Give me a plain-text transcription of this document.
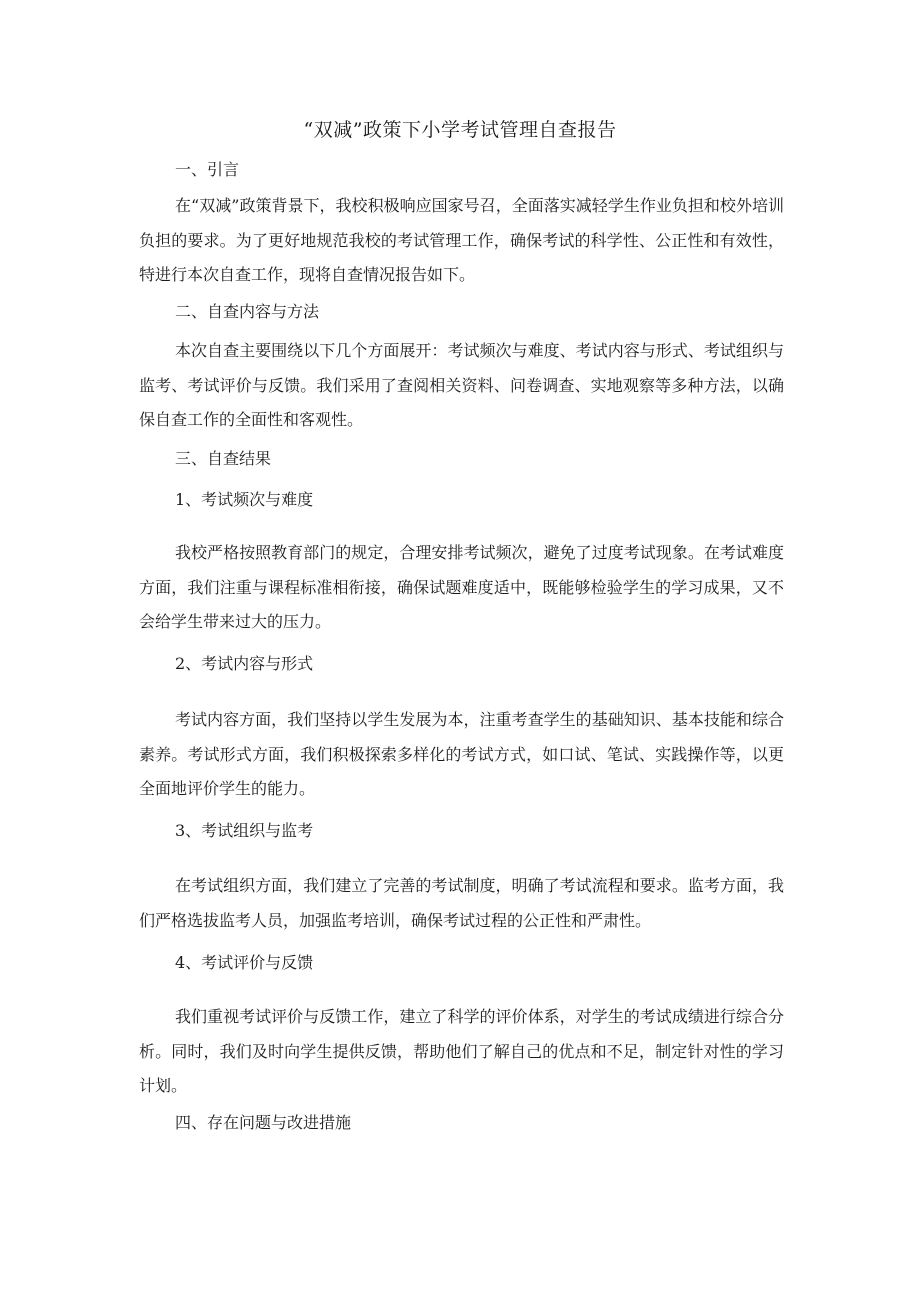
“双减”政策下小学考试管理自查报告
一、引言
在“双减”政策背景下，我校积极响应国家号召，全面落实减轻学生作业负担和校外培训负担的要求。为了更好地规范我校的考试管理工作，确保考试的科学性、公正性和有效性，特进行本次自查工作，现将自查情况报告如下。
二、自查内容与方法
本次自查主要围绕以下几个方面展开：考试频次与难度、考试内容与形式、考试组织与监考、考试评价与反馈。我们采用了查阅相关资料、问卷调查、实地观察等多种方法，以确保自查工作的全面性和客观性。
三、自查结果
1、考试频次与难度
我校严格按照教育部门的规定，合理安排考试频次，避免了过度考试现象。在考试难度方面，我们注重与课程标准相衔接，确保试题难度适中，既能够检验学生的学习成果，又不会给学生带来过大的压力。
2、考试内容与形式
考试内容方面，我们坚持以学生发展为本，注重考查学生的基础知识、基本技能和综合素养。考试形式方面，我们积极探索多样化的考试方式，如口试、笔试、实践操作等，以更全面地评价学生的能力。
3、考试组织与监考
在考试组织方面，我们建立了完善的考试制度，明确了考试流程和要求。监考方面，我们严格选拔监考人员，加强监考培训，确保考试过程的公正性和严肃性。
4、考试评价与反馈
我们重视考试评价与反馈工作，建立了科学的评价体系，对学生的考试成绩进行综合分析。同时，我们及时向学生提供反馈，帮助他们了解自己的优点和不足，制定针对性的学习计划。
四、存在问题与改进措施
